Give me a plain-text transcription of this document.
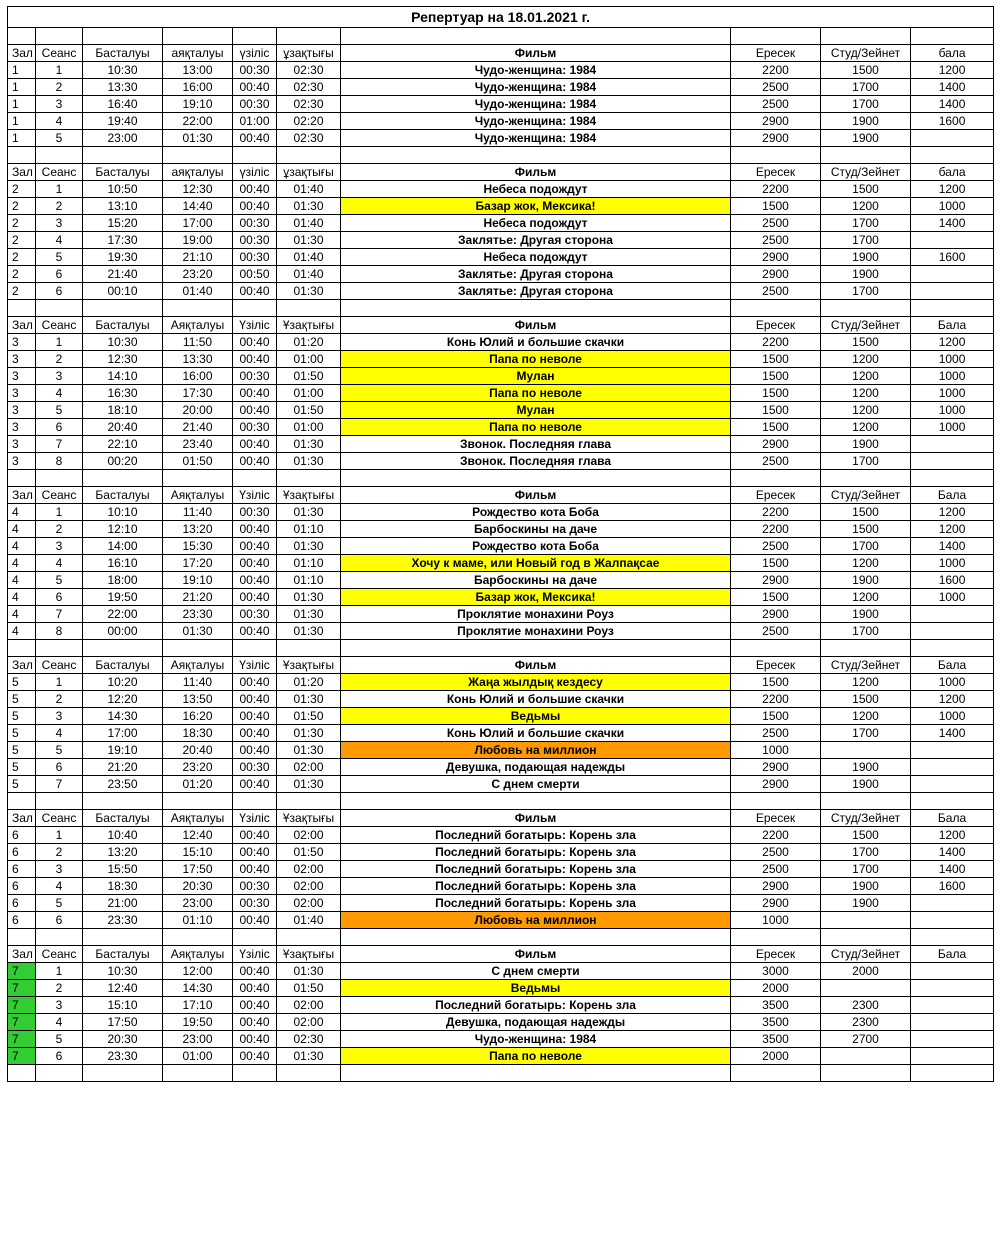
Репертуар на 18.01.2021 г.									

Зал	Сеанс	Басталуы	аяқталуы	үзіліс	ұзақтығы	Фильм	Ересек	Студ/Зейнет	бала
1	1	10:30	13:00	00:30	02:30	Чудо-женщина: 1984	2200	1500	1200
1	2	13:30	16:00	00:40	02:30	Чудо-женщина: 1984	2500	1700	1400
1	3	16:40	19:10	00:30	02:30	Чудо-женщина: 1984	2500	1700	1400
1	4	19:40	22:00	01:00	02:20	Чудо-женщина: 1984	2900	1900	1600
1	5	23:00	01:30	00:40	02:30	Чудо-женщина: 1984	2900	1900	

Зал	Сеанс	Басталуы	аяқталуы	үзіліс	ұзақтығы	Фильм	Ересек	Студ/Зейнет	бала
2	1	10:50	12:30	00:40	01:40	Небеса подождут	2200	1500	1200
2	2	13:10	14:40	00:40	01:30	Базар жок, Мексика!	1500	1200	1000
2	3	15:20	17:00	00:30	01:40	Небеса подождут	2500	1700	1400
2	4	17:30	19:00	00:30	01:30	Заклятье: Другая сторона	2500	1700	
2	5	19:30	21:10	00:30	01:40	Небеса подождут	2900	1900	1600
2	6	21:40	23:20	00:50	01:40	Заклятье: Другая сторона	2900	1900	
2	6	00:10	01:40	00:40	01:30	Заклятье: Другая сторона	2500	1700	

Зал	Сеанс	Басталуы	Аяқталуы	Үзіліс	Ұзақтығы	Фильм	Ересек	Студ/Зейнет	Бала
3	1	10:30	11:50	00:40	01:20	Конь Юлий и большие скачки	2200	1500	1200
3	2	12:30	13:30	00:40	01:00	Папа по неволе	1500	1200	1000
3	3	14:10	16:00	00:30	01:50	Мулан	1500	1200	1000
3	4	16:30	17:30	00:40	01:00	Папа по неволе	1500	1200	1000
3	5	18:10	20:00	00:40	01:50	Мулан	1500	1200	1000
3	6	20:40	21:40	00:30	01:00	Папа по неволе	1500	1200	1000
3	7	22:10	23:40	00:40	01:30	Звонок. Последняя глава	2900	1900	
3	8	00:20	01:50	00:40	01:30	Звонок. Последняя глава	2500	1700	

Зал	Сеанс	Басталуы	Аяқталуы	Үзіліс	Ұзақтығы	Фильм	Ересек	Студ/Зейнет	Бала
4	1	10:10	11:40	00:30	01:30	Рождество кота Боба	2200	1500	1200
4	2	12:10	13:20	00:40	01:10	Барбоскины на даче	2200	1500	1200
4	3	14:00	15:30	00:40	01:30	Рождество кота Боба	2500	1700	1400
4	4	16:10	17:20	00:40	01:10	Хочу к маме, или Новый год в Жалпақсае	1500	1200	1000
4	5	18:00	19:10	00:40	01:10	Барбоскины на даче	2900	1900	1600
4	6	19:50	21:20	00:40	01:30	Базар жок, Мексика!	1500	1200	1000
4	7	22:00	23:30	00:30	01:30	Проклятие монахини Роуз	2900	1900	
4	8	00:00	01:30	00:40	01:30	Проклятие монахини Роуз	2500	1700	

Зал	Сеанс	Басталуы	Аяқталуы	Үзіліс	Ұзақтығы	Фильм	Ересек	Студ/Зейнет	Бала
5	1	10:20	11:40	00:40	01:20	Жаңа жылдық кездесу	1500	1200	1000
5	2	12:20	13:50	00:40	01:30	Конь Юлий и большие скачки	2200	1500	1200
5	3	14:30	16:20	00:40	01:50	Ведьмы	1500	1200	1000
5	4	17:00	18:30	00:40	01:30	Конь Юлий и большие скачки	2500	1700	1400
5	5	19:10	20:40	00:40	01:30	Любовь на миллион	1000		
5	6	21:20	23:20	00:30	02:00	Девушка, подающая надежды	2900	1900	
5	7	23:50	01:20	00:40	01:30	С днем смерти	2900	1900	

Зал	Сеанс	Басталуы	Аяқталуы	Үзіліс	Ұзақтығы	Фильм	Ересек	Студ/Зейнет	Бала
6	1	10:40	12:40	00:40	02:00	Последний богатырь: Корень зла	2200	1500	1200
6	2	13:20	15:10	00:40	01:50	Последний богатырь: Корень зла	2500	1700	1400
6	3	15:50	17:50	00:40	02:00	Последний богатырь: Корень зла	2500	1700	1400
6	4	18:30	20:30	00:30	02:00	Последний богатырь: Корень зла	2900	1900	1600
6	5	21:00	23:00	00:30	02:00	Последний богатырь: Корень зла	2900	1900	
6	6	23:30	01:10	00:40	01:40	Любовь на миллион	1000		

Зал	Сеанс	Басталуы	Аяқталуы	Үзіліс	Ұзақтығы	Фильм	Ересек	Студ/Зейнет	Бала
7	1	10:30	12:00	00:40	01:30	С днем смерти	3000	2000	
7	2	12:40	14:30	00:40	01:50	Ведьмы	2000		
7	3	15:10	17:10	00:40	02:00	Последний богатырь: Корень зла	3500	2300	
7	4	17:50	19:50	00:40	02:00	Девушка, подающая надежды	3500	2300	
7	5	20:30	23:00	00:40	02:30	Чудо-женщина: 1984	3500	2700	
7	6	23:30	01:00	00:40	01:30	Папа по неволе	2000		
